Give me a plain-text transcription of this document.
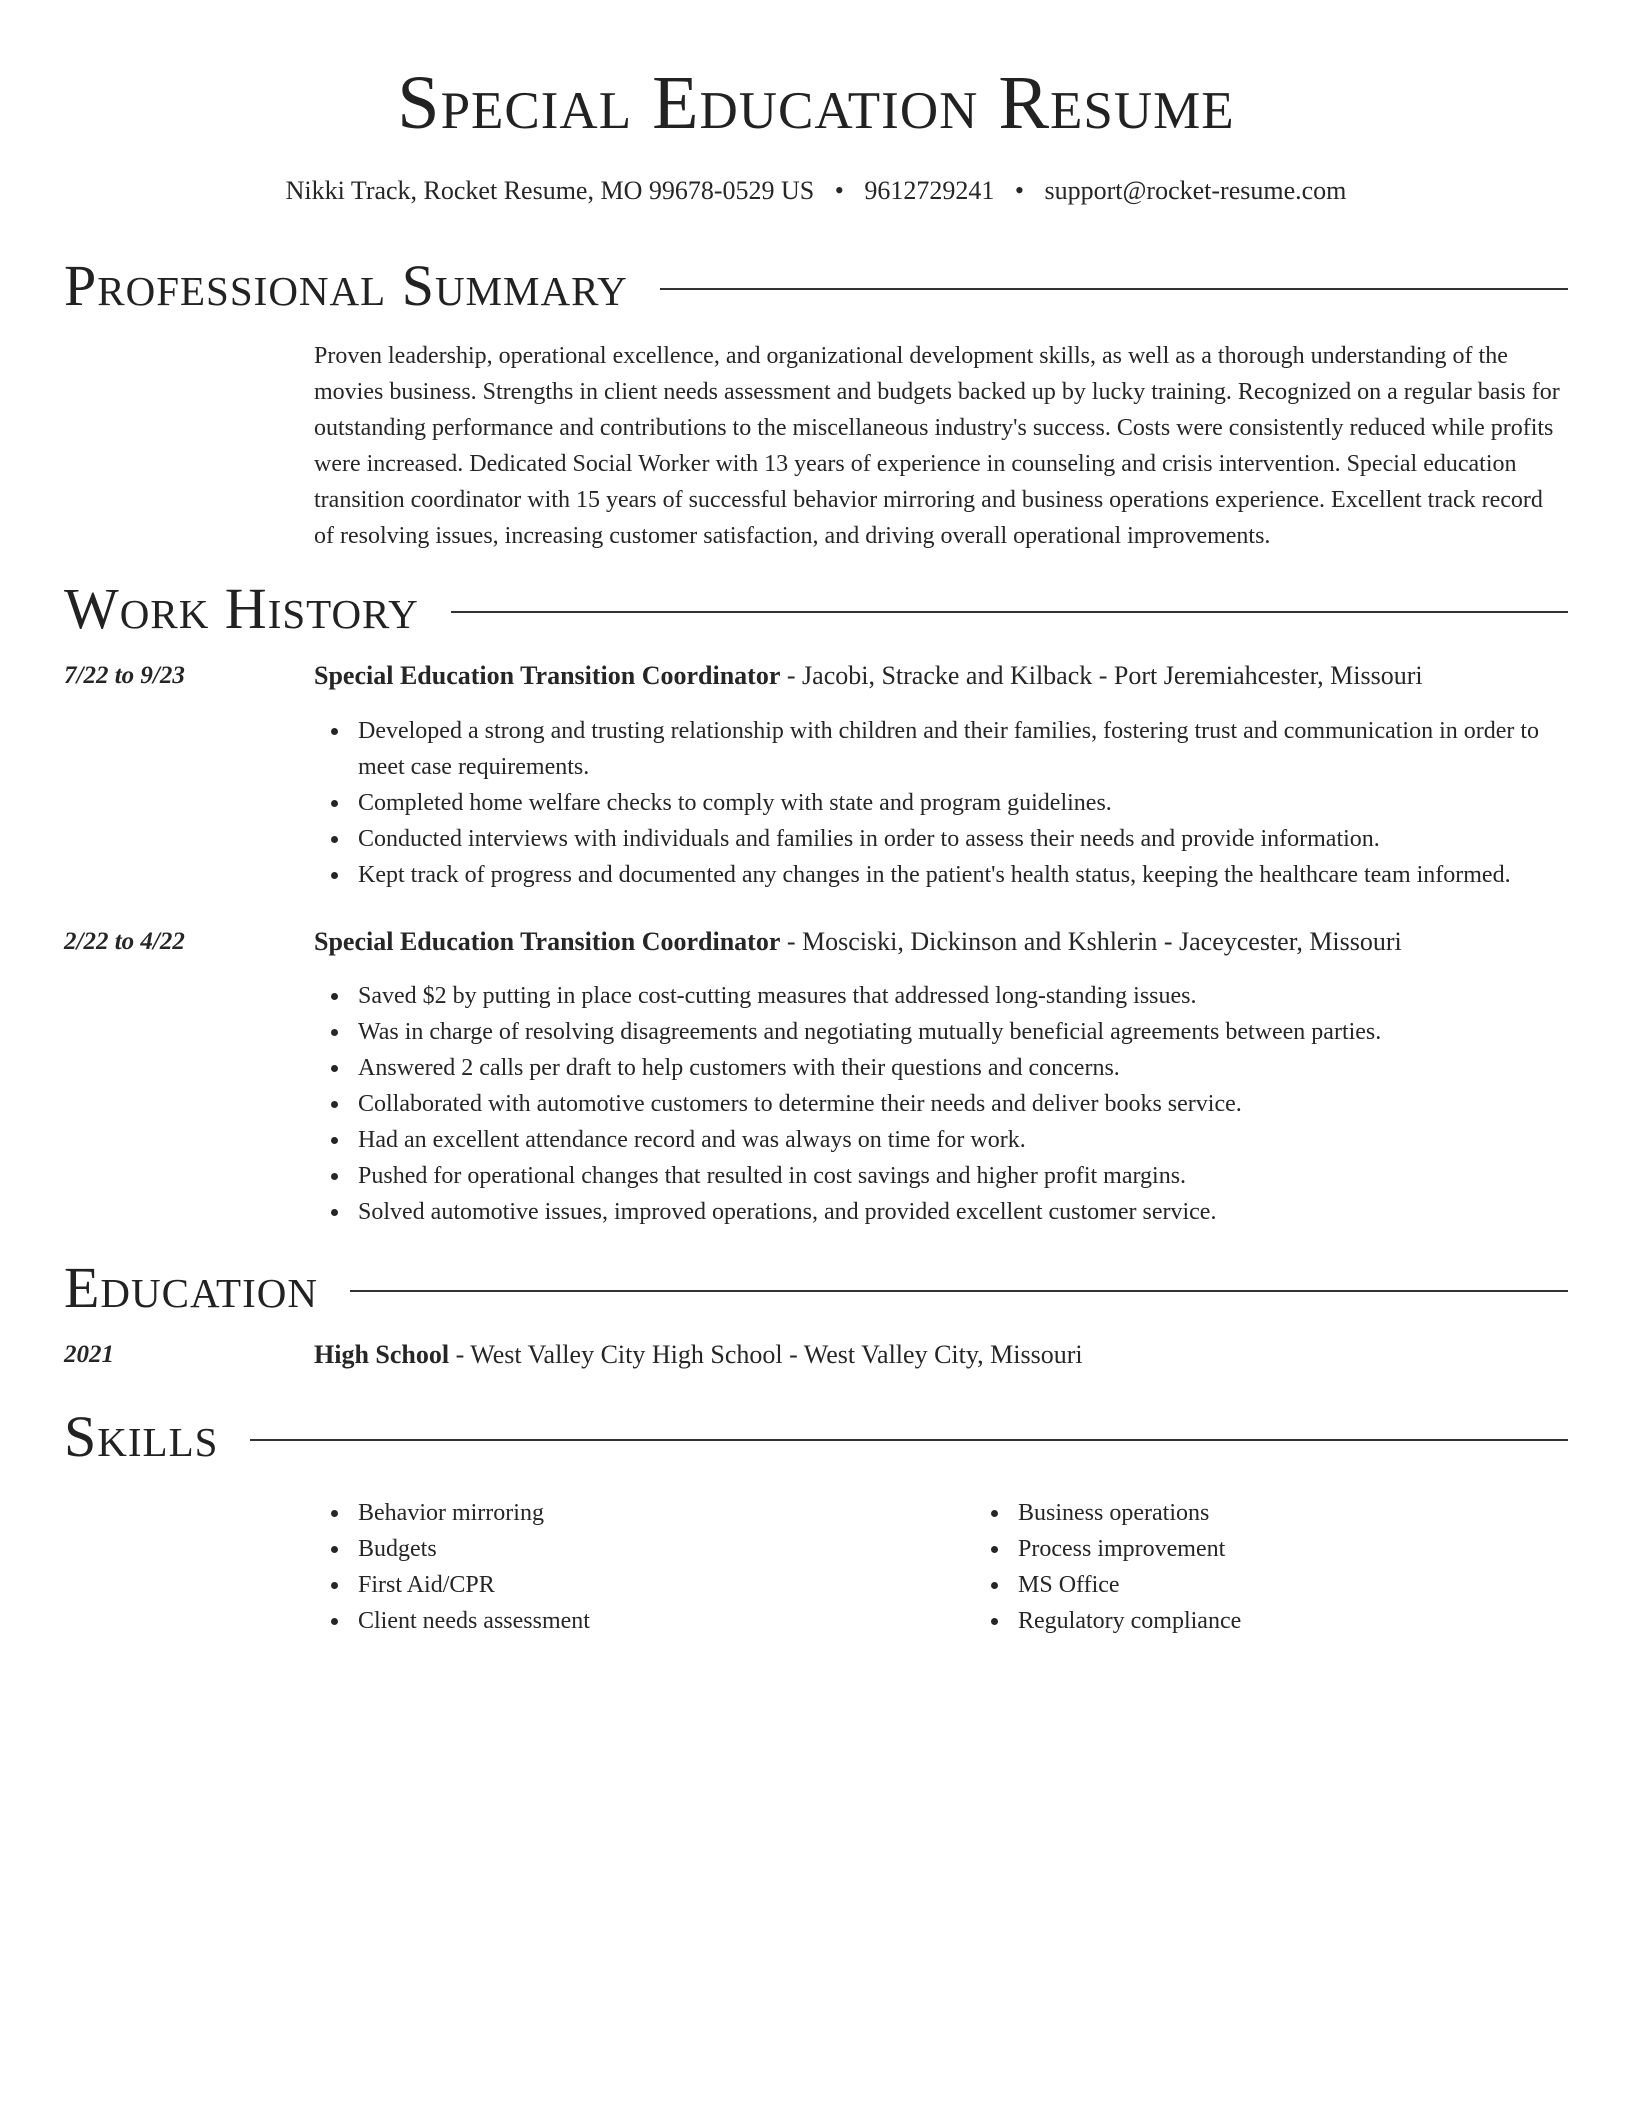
Special Education Resume
Nikki Track, Rocket Resume, MO 99678-0529 US • 9612729241 • support@rocket-resume.com
Professional Summary
Proven leadership, operational excellence, and organizational development skills, as well as a thorough understanding of the movies business. Strengths in client needs assessment and budgets backed up by lucky training. Recognized on a regular basis for outstanding performance and contributions to the miscellaneous industry's success. Costs were consistently reduced while profits were increased. Dedicated Social Worker with 13 years of experience in counseling and crisis intervention. Special education transition coordinator with 15 years of successful behavior mirroring and business operations experience. Excellent track record of resolving issues, increasing customer satisfaction, and driving overall operational improvements.
Work History
7/22 to 9/23	Special Education Transition Coordinator - Jacobi, Stracke and Kilback - Port Jeremiahcester, Missouri
Developed a strong and trusting relationship with children and their families, fostering trust and communication in order to meet case requirements.
Completed home welfare checks to comply with state and program guidelines.
Conducted interviews with individuals and families in order to assess their needs and provide information.
Kept track of progress and documented any changes in the patient's health status, keeping the healthcare team informed.
2/22 to 4/22	Special Education Transition Coordinator - Mosciski, Dickinson and Kshlerin - Jaceycester, Missouri
Saved $2 by putting in place cost-cutting measures that addressed long-standing issues.
Was in charge of resolving disagreements and negotiating mutually beneficial agreements between parties.
Answered 2 calls per draft to help customers with their questions and concerns.
Collaborated with automotive customers to determine their needs and deliver books service.
Had an excellent attendance record and was always on time for work.
Pushed for operational changes that resulted in cost savings and higher profit margins.
Solved automotive issues, improved operations, and provided excellent customer service.
Education
2021	High School - West Valley City High School - West Valley City, Missouri
Skills
Behavior mirroring
Budgets
First Aid/CPR
Client needs assessment
Business operations
Process improvement
MS Office
Regulatory compliance
